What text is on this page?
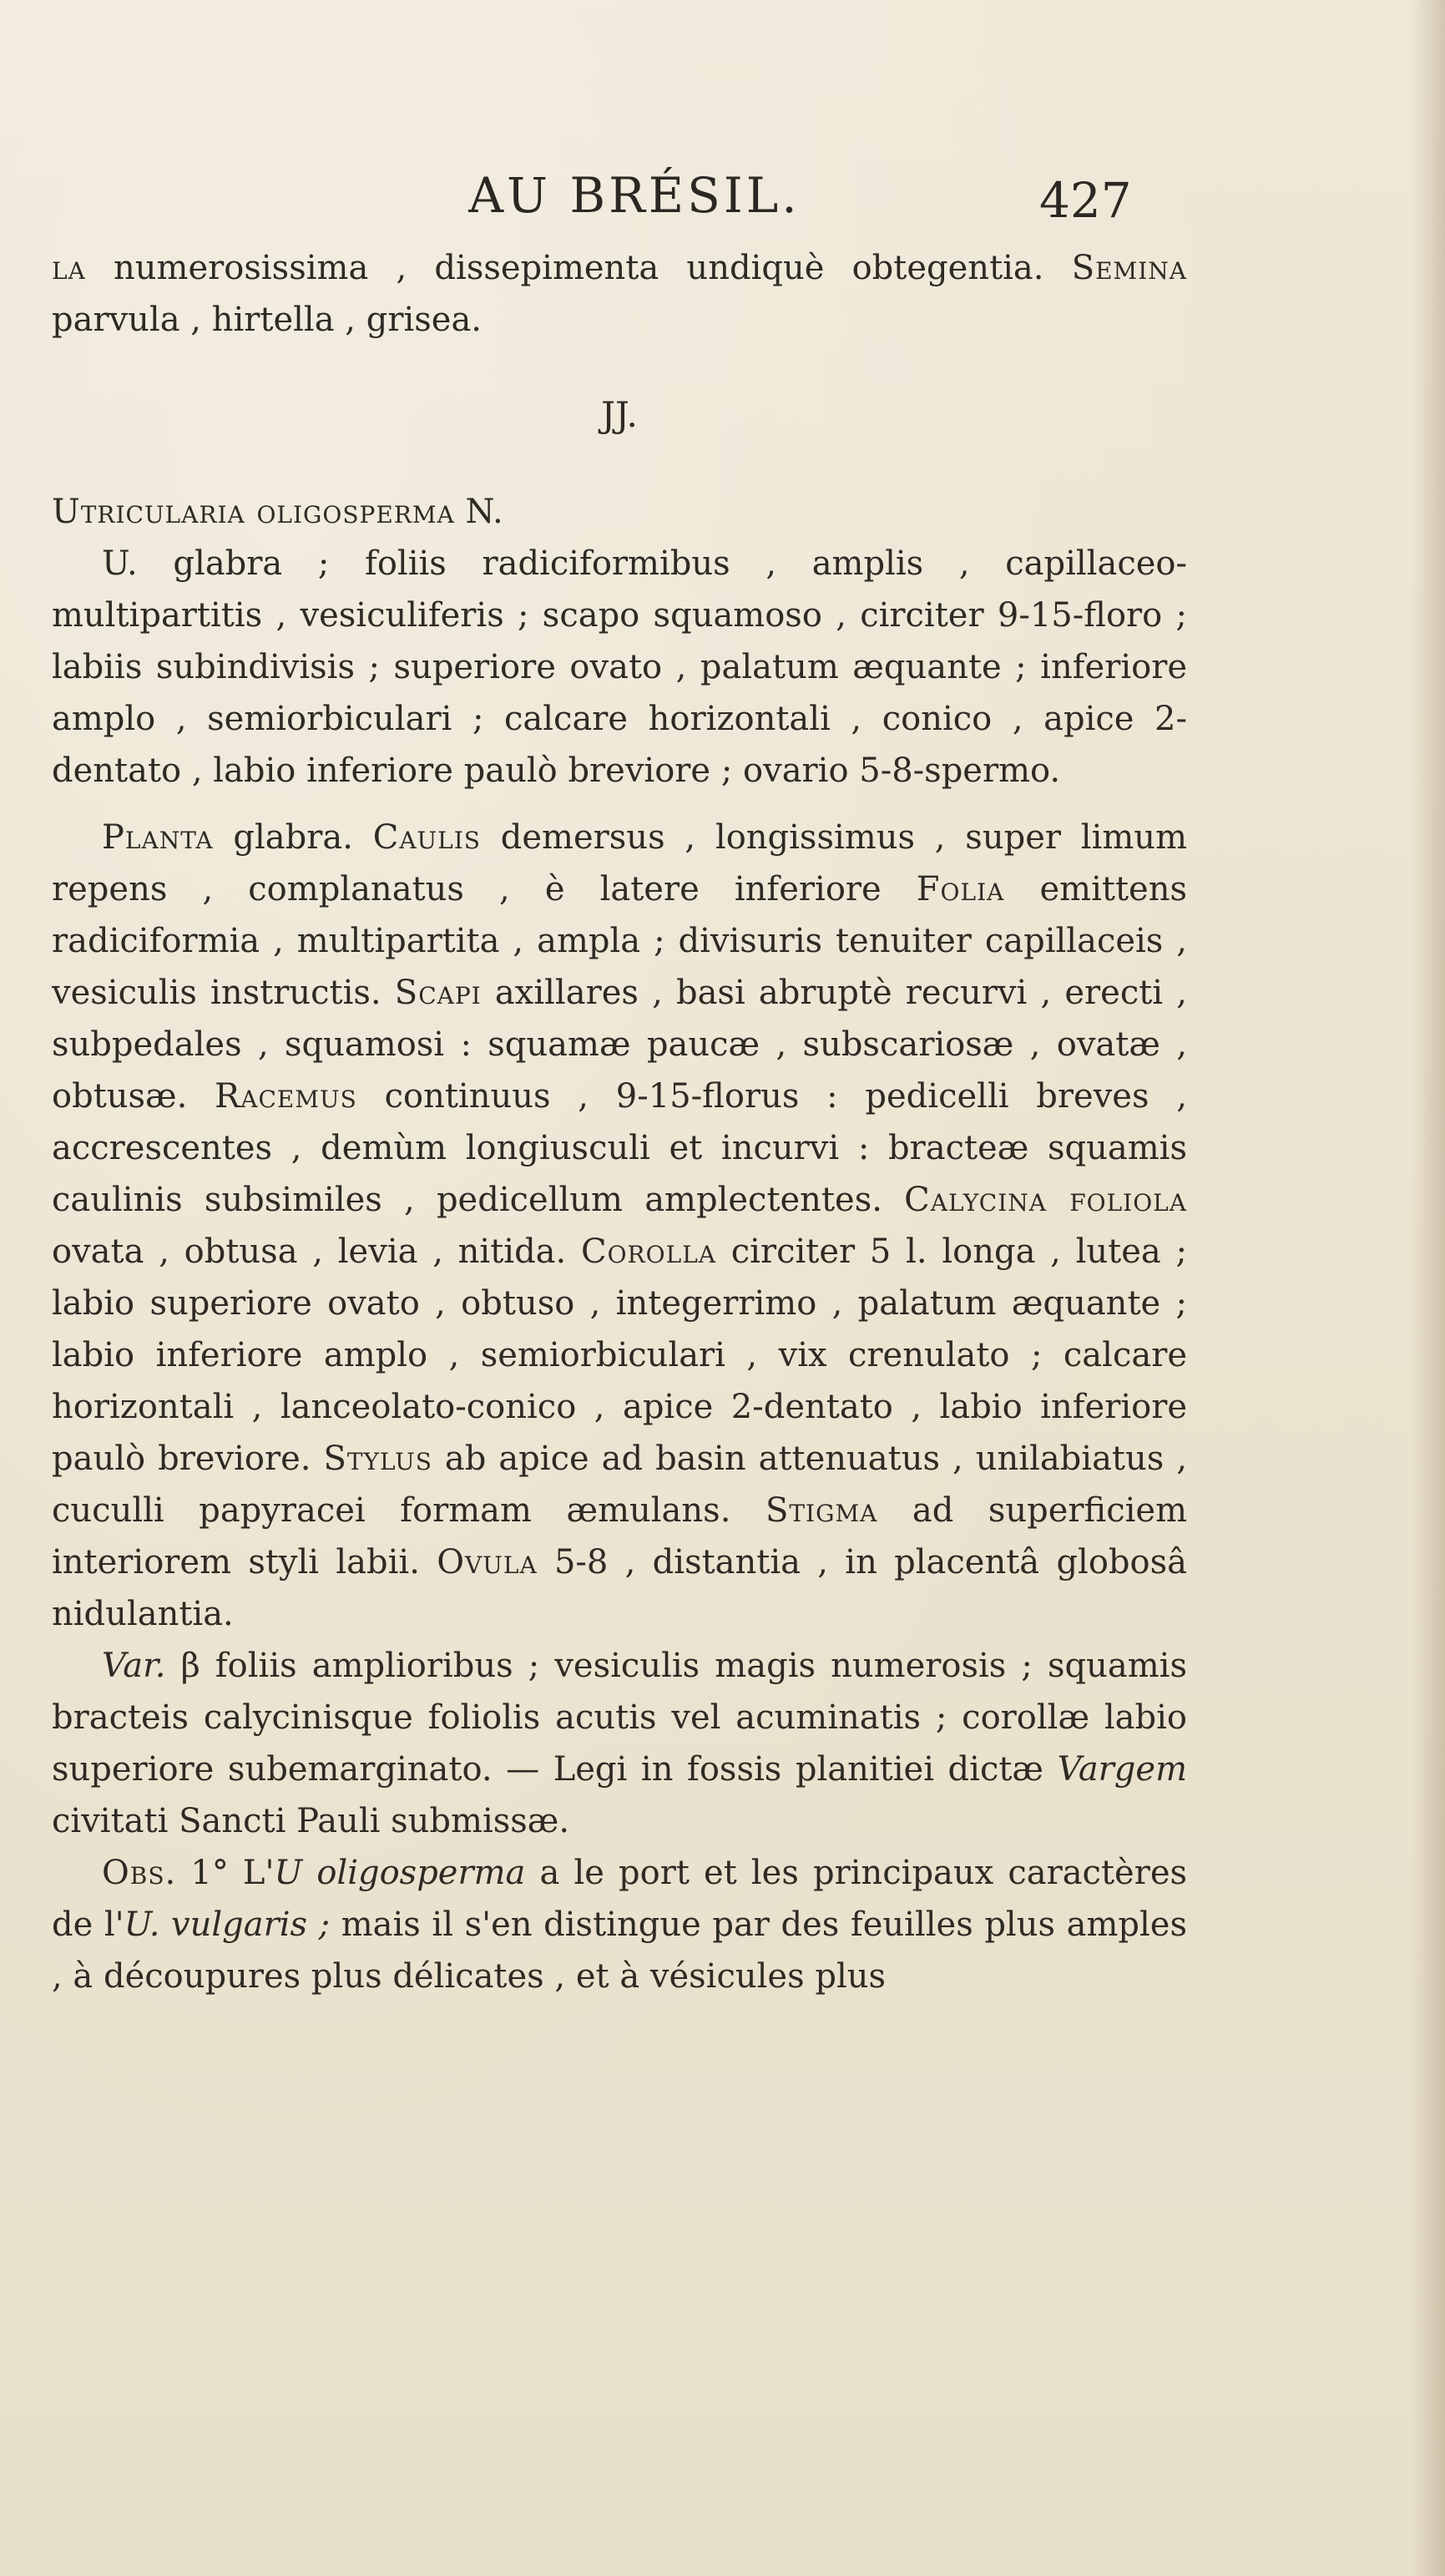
AU BRÉSIL.	427

la numerosissima , dissepimenta undiquè obtegentia. Semina parvula , hirtella , grisea.

JJ.

Utricularia oligosperma N.

U. glabra ; foliis radiciformibus , amplis , capillaceo-multipartitis , vesiculiferis ; scapo squamoso , circiter 9-15-floro ; labiis subindivisis ; superiore ovato , palatum æquante ; inferiore amplo , semiorbiculari ; calcare horizontali , conico , apice 2-dentato , labio inferiore paulò breviore ; ovario 5-8-spermo.

Planta glabra. Caulis demersus , longissimus , super limum repens , complanatus , è latere inferiore Folia emittens radiciformia , multipartita , ampla ; divisuris tenuiter capillaceis , vesiculis instructis. Scapi axillares , basi abruptè recurvi , erecti , subpedales , squamosi : squamæ paucæ , subscariosæ , ovatæ , obtusæ. Racemus continuus , 9-15-florus : pedicelli breves , accrescentes , demùm longiusculi et incurvi : bracteæ squamis caulinis subsimiles , pedicellum amplectentes. Calycina foliola ovata , obtusa , levia , nitida. Corolla circiter 5 l. longa , lutea ; labio superiore ovato , obtuso , integerrimo , palatum æquante ; labio inferiore amplo , semiorbiculari , vix crenulato ; calcare horizontali , lanceolato-conico , apice 2-dentato , labio inferiore paulò breviore. Stylus ab apice ad basin attenuatus , unilabiatus , cuculli papyracei formam æmulans. Stigma ad superficiem interiorem styli labii. Ovula 5-8 , distantia , in placentâ globosâ nidulantia.

Var. β foliis amplioribus ; vesiculis magis numerosis ; squamis bracteis calycinisque foliolis acutis vel acuminatis ; corollæ labio superiore subemarginato. — Legi in fossis planitiei dictæ Vargem civitati Sancti Pauli submissæ.

Obs. 1° L'U oligosperma a le port et les principaux caractères de l'U. vulgaris ; mais il s'en distingue par des feuilles plus amples , à découpures plus délicates , et à vésicules plus
